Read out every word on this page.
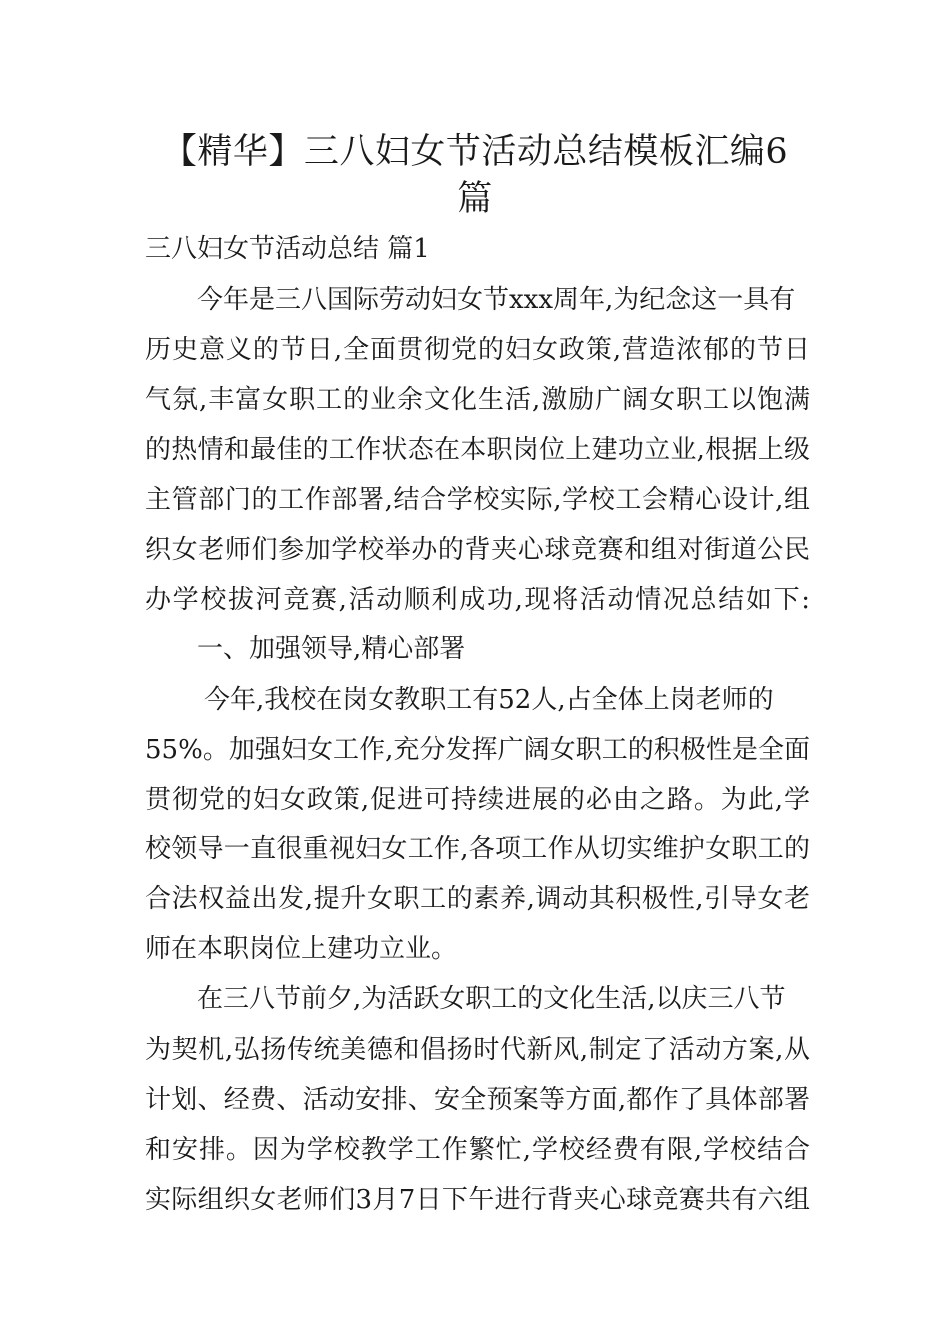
【精华】三八妇女节活动总结模板汇编6
篇

三八妇女节活动总结 篇1

今年是三八国际劳动妇女节xxx周年,为纪念这一具有

历史意义的节日,全面贯彻党的妇女政策,营造浓郁的节日

气氛,丰富女职工的业余文化生活,激励广阔女职工以饱满

的热情和最佳的工作状态在本职岗位上建功立业,根据上级

主管部门的工作部署,结合学校实际,学校工会精心设计,组

织女老师们参加学校举办的背夹心球竞赛和组对街道公民

办学校拔河竞赛,活动顺利成功,现将活动情况总结如下:

一、加强领导,精心部署

今年,我校在岗女教职工有52人,占全体上岗老师的

55%。加强妇女工作,充分发挥广阔女职工的积极性是全面

贯彻党的妇女政策,促进可持续进展的必由之路。为此,学

校领导一直很重视妇女工作,各项工作从切实维护女职工的

合法权益出发,提升女职工的素养,调动其积极性,引导女老

师在本职岗位上建功立业。

在三八节前夕,为活跃女职工的文化生活,以庆三八节

为契机,弘扬传统美德和倡扬时代新风,制定了活动方案,从

计划、经费、活动安排、安全预案等方面,都作了具体部署

和安排。因为学校教学工作繁忙,学校经费有限,学校结合

实际组织女老师们3月7日下午进行背夹心球竞赛共有六组
